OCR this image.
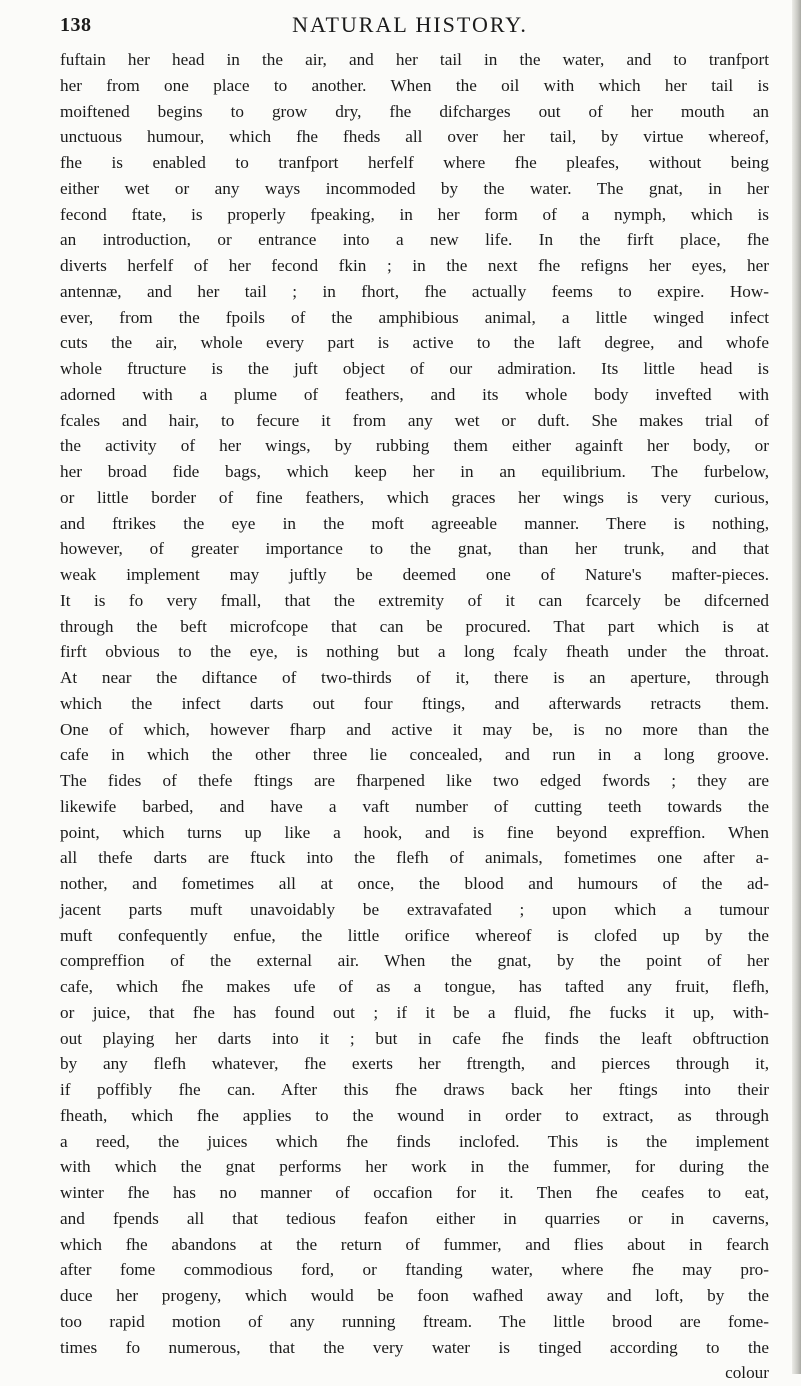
138	NATURAL HISTORY.
fuftain her head in the air, and her tail in the water, and to tranfport
her from one place to another. When the oil with which her tail is
moiftened begins to grow dry, fhe difcharges out of her mouth an
unctuous humour, which fhe fheds all over her tail, by virtue whereof,
fhe is enabled to tranfport herfelf where fhe pleafes, without being
either wet or any ways incommoded by the water. The gnat, in her
fecond ftate, is properly fpeaking, in her form of a nymph, which is
an introduction, or entrance into a new life. In the firft place, fhe
diverts herfelf of her fecond fkin ; in the next fhe refigns her eyes, her
antennæ, and her tail ; in fhort, fhe actually feems to expire. How-
ever, from the fpoils of the amphibious animal, a little winged infect
cuts the air, whole every part is active to the laft degree, and whofe
whole ftructure is the juft object of our admiration. Its little head is
adorned with a plume of feathers, and its whole body invefted with
fcales and hair, to fecure it from any wet or duft. She makes trial of
the activity of her wings, by rubbing them either againft her body, or
her broad fide bags, which keep her in an equilibrium. The furbelow,
or little border of fine feathers, which graces her wings is very curious,
and ftrikes the eye in the moft agreeable manner. There is nothing,
however, of greater importance to the gnat, than her trunk, and that
weak implement may juftly be deemed one of Nature's mafter-pieces.
It is fo very fmall, that the extremity of it can fcarcely be difcerned
through the beft microfcope that can be procured. That part which is at
firft obvious to the eye, is nothing but a long fcaly fheath under the throat.
At near the diftance of two-thirds of it, there is an aperture, through
which the infect darts out four ftings, and afterwards retracts them.
One of which, however fharp and active it may be, is no more than the
cafe in which the other three lie concealed, and run in a long groove.
The fides of thefe ftings are fharpened like two edged fwords ; they are
likewife barbed, and have a vaft number of cutting teeth towards the
point, which turns up like a hook, and is fine beyond expreffion. When
all thefe darts are ftuck into the flefh of animals, fometimes one after a-
nother, and fometimes all at once, the blood and humours of the ad-
jacent parts muft unavoidably be extravafated ; upon which a tumour
muft confequently enfue, the little orifice whereof is clofed up by the
compreffion of the external air. When the gnat, by the point of her
cafe, which fhe makes ufe of as a tongue, has tafted any fruit, flefh,
or juice, that fhe has found out ; if it be a fluid, fhe fucks it up, with-
out playing her darts into it ; but in cafe fhe finds the leaft obftruction
by any flefh whatever, fhe exerts her ftrength, and pierces through it,
if poffibly fhe can. After this fhe draws back her ftings into their
fheath, which fhe applies to the wound in order to extract, as through
a reed, the juices which fhe finds inclofed. This is the implement
with which the gnat performs her work in the fummer, for during the
winter fhe has no manner of occafion for it. Then fhe ceafes to eat,
and fpends all that tedious feafon either in quarries or in caverns,
which fhe abandons at the return of fummer, and flies about in fearch
after fome commodious ford, or ftanding water, where fhe may pro-
duce her progeny, which would be foon wafhed away and loft, by the
too rapid motion of any running ftream. The little brood are fome-
times fo numerous, that the very water is tinged according to the
colour
